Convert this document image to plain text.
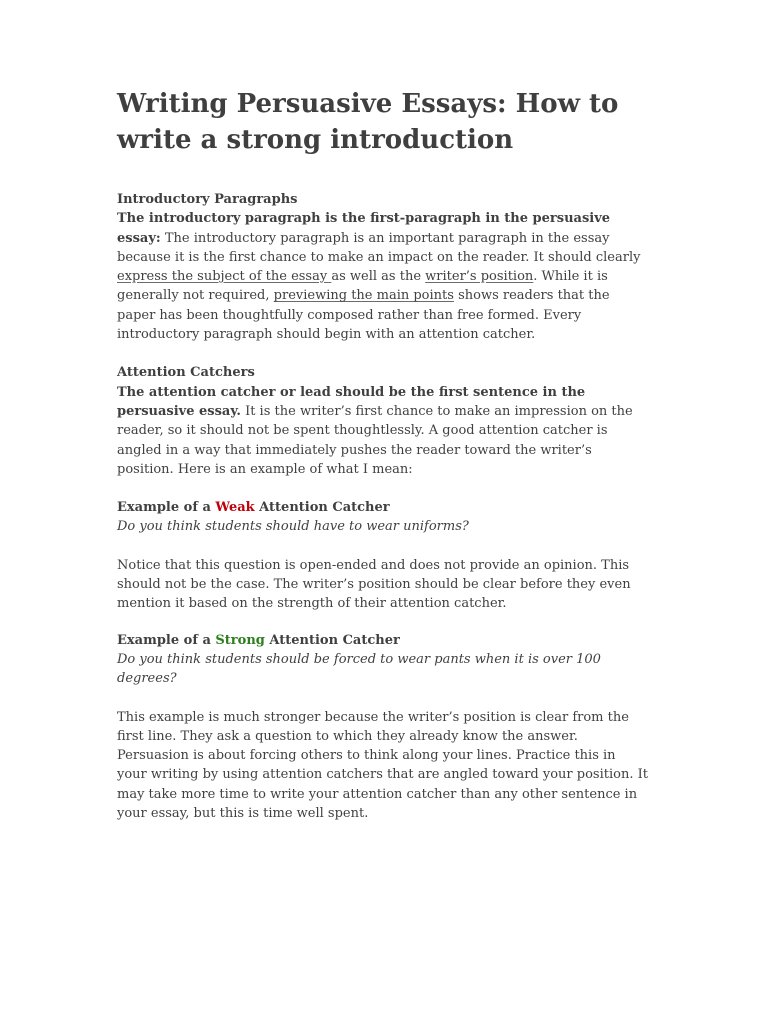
Writing Persuasive Essays: How to write a strong introduction

Introductory Paragraphs
The introductory paragraph is the first-paragraph in the persuasive essay: The introductory paragraph is an important paragraph in the essay because it is the first chance to make an impact on the reader. It should clearly express the subject of the essay as well as the writer’s position. While it is generally not required, previewing the main points shows readers that the paper has been thoughtfully composed rather than free formed. Every introductory paragraph should begin with an attention catcher.

Attention Catchers
The attention catcher or lead should be the first sentence in the persuasive essay. It is the writer’s first chance to make an impression on the reader, so it should not be spent thoughtlessly. A good attention catcher is angled in a way that immediately pushes the reader toward the writer’s position. Here is an example of what I mean:

Example of a Weak Attention Catcher
Do you think students should have to wear uniforms?

Notice that this question is open-ended and does not provide an opinion. This should not be the case. The writer’s position should be clear before they even mention it based on the strength of their attention catcher.

Example of a Strong Attention Catcher
Do you think students should be forced to wear pants when it is over 100 degrees?

This example is much stronger because the writer’s position is clear from the first line. They ask a question to which they already know the answer. Persuasion is about forcing others to think along your lines. Practice this in your writing by using attention catchers that are angled toward your position. It may take more time to write your attention catcher than any other sentence in your essay, but this is time well spent.
